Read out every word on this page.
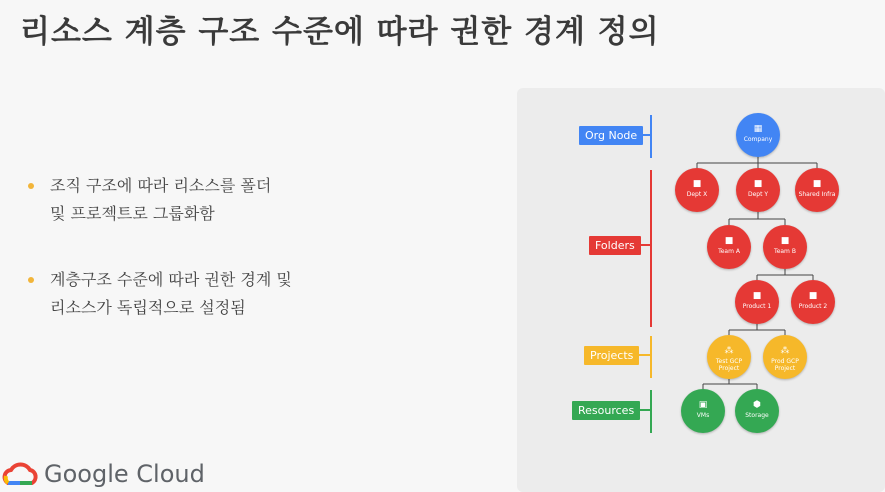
리소스 계층 구조 수준에 따라 권한 경계 정의
조직 구조에 따라 리소스를 폴더
및 프로젝트로 그룹화함
계층구조 수준에 따라 권한 경계 및
리소스가 독립적으로 설정됨
Org Node
Folders
Projects
Resources
▦
Company
■
Dept X
■
Dept Y
■
Shared Infra
■
Team A
■
Team B
■
Product 1
■
Product 2
⁂
Test GCP Project
⁂
Prod GCP Project
▣
VMs
⬢
Storage
Google Cloud
